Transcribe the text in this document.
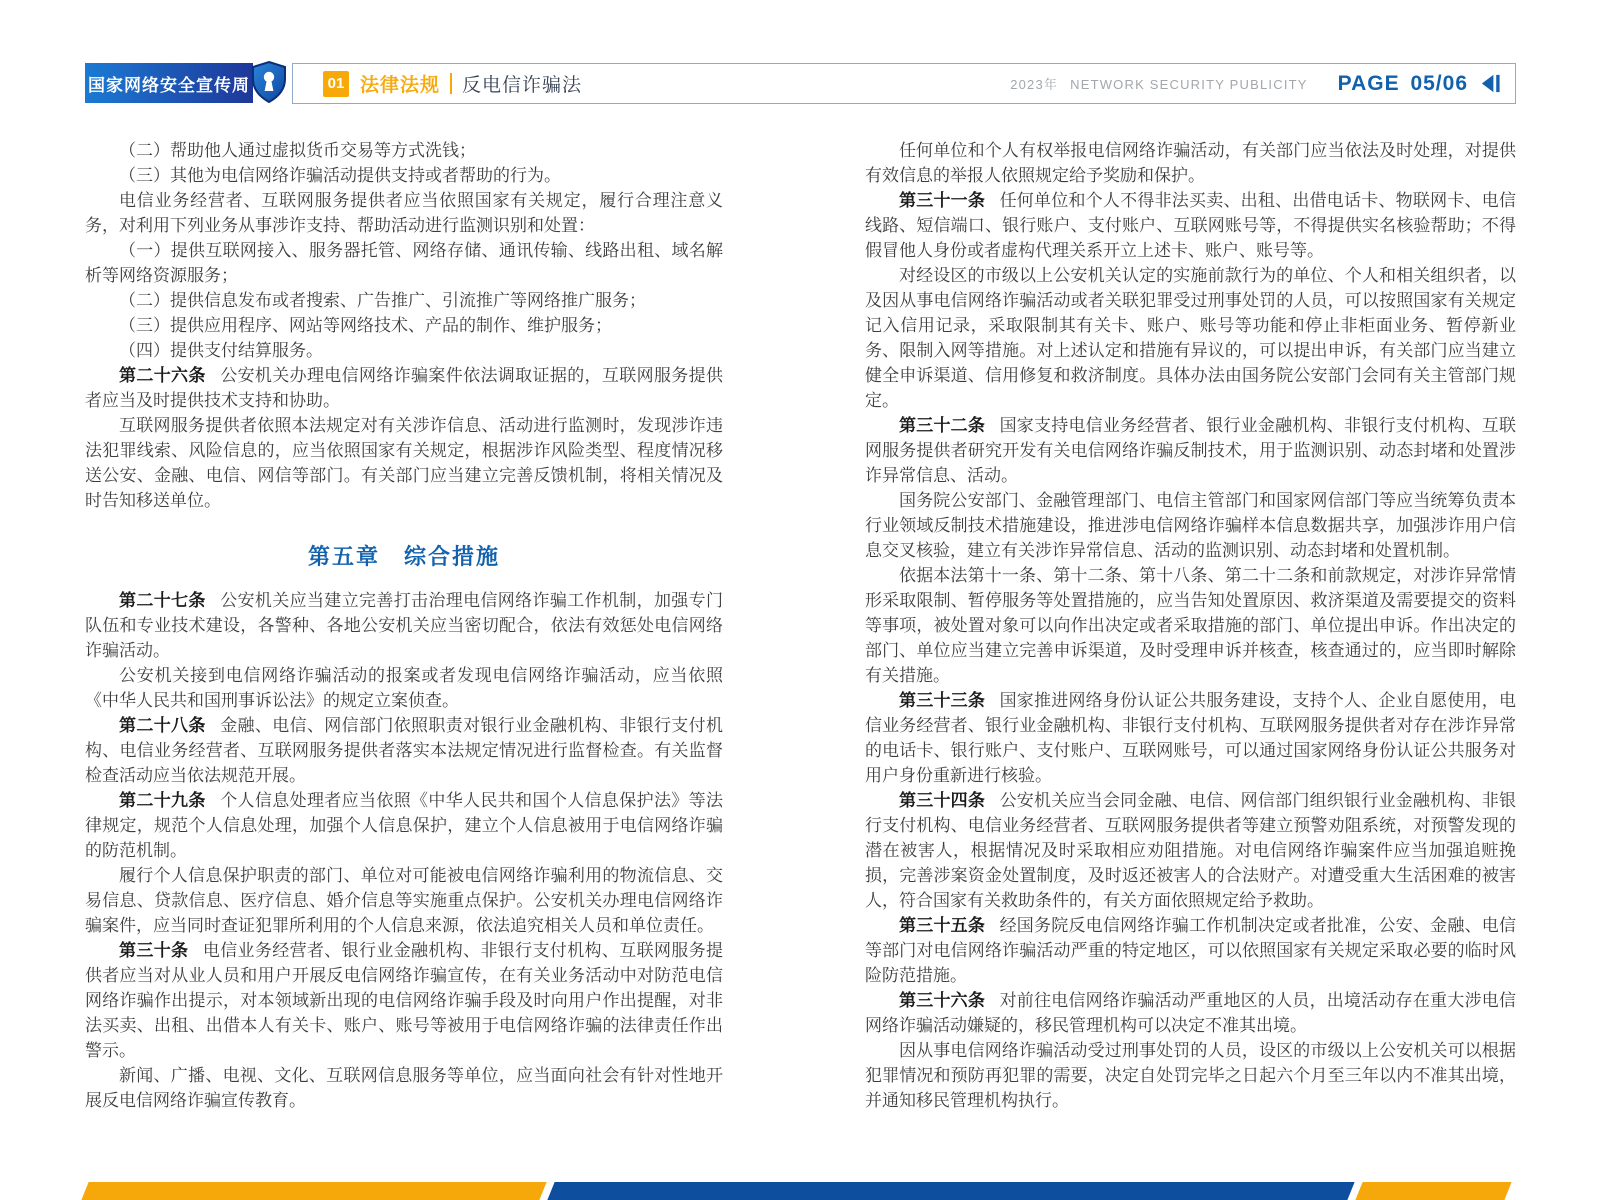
国家网络安全宣传周	01 法律法规 反电信诈骗法	2023年 NETWORK SECURITY PUBLICITY PAGE 05/06

（二）帮助他人通过虚拟货币交易等方式洗钱；

（三）其他为电信网络诈骗活动提供支持或者帮助的行为。

电信业务经营者、互联网服务提供者应当依照国家有关规定，履行合理注意义务，对利用下列业务从事涉诈支持、帮助活动进行监测识别和处置：

（一）提供互联网接入、服务器托管、网络存储、通讯传输、线路出租、域名解析等网络资源服务；

（二）提供信息发布或者搜索、广告推广、引流推广等网络推广服务；

（三）提供应用程序、网站等网络技术、产品的制作、维护服务；

（四）提供支付结算服务。

第二十六条 公安机关办理电信网络诈骗案件依法调取证据的，互联网服务提供者应当及时提供技术支持和协助。

互联网服务提供者依照本法规定对有关涉诈信息、活动进行监测时，发现涉诈违法犯罪线索、风险信息的，应当依照国家有关规定，根据涉诈风险类型、程度情况移送公安、金融、电信、网信等部门。有关部门应当建立完善反馈机制，将相关情况及时告知移送单位。

第五章　综合措施

第二十七条 公安机关应当建立完善打击治理电信网络诈骗工作机制，加强专门队伍和专业技术建设，各警种、各地公安机关应当密切配合，依法有效惩处电信网络诈骗活动。

公安机关接到电信网络诈骗活动的报案或者发现电信网络诈骗活动，应当依照《中华人民共和国刑事诉讼法》的规定立案侦查。

第二十八条 金融、电信、网信部门依照职责对银行业金融机构、非银行支付机构、电信业务经营者、互联网服务提供者落实本法规定情况进行监督检查。有关监督检查活动应当依法规范开展。

第二十九条 个人信息处理者应当依照《中华人民共和国个人信息保护法》等法律规定，规范个人信息处理，加强个人信息保护，建立个人信息被用于电信网络诈骗的防范机制。

履行个人信息保护职责的部门、单位对可能被电信网络诈骗利用的物流信息、交易信息、贷款信息、医疗信息、婚介信息等实施重点保护。公安机关办理电信网络诈骗案件，应当同时查证犯罪所利用的个人信息来源，依法追究相关人员和单位责任。

第三十条 电信业务经营者、银行业金融机构、非银行支付机构、互联网服务提供者应当对从业人员和用户开展反电信网络诈骗宣传，在有关业务活动中对防范电信网络诈骗作出提示，对本领域新出现的电信网络诈骗手段及时向用户作出提醒，对非法买卖、出租、出借本人有关卡、账户、账号等被用于电信网络诈骗的法律责任作出警示。

新闻、广播、电视、文化、互联网信息服务等单位，应当面向社会有针对性地开展反电信网络诈骗宣传教育。

任何单位和个人有权举报电信网络诈骗活动，有关部门应当依法及时处理，对提供有效信息的举报人依照规定给予奖励和保护。

第三十一条 任何单位和个人不得非法买卖、出租、出借电话卡、物联网卡、电信线路、短信端口、银行账户、支付账户、互联网账号等，不得提供实名核验帮助；不得假冒他人身份或者虚构代理关系开立上述卡、账户、账号等。

对经设区的市级以上公安机关认定的实施前款行为的单位、个人和相关组织者，以及因从事电信网络诈骗活动或者关联犯罪受过刑事处罚的人员，可以按照国家有关规定记入信用记录，采取限制其有关卡、账户、账号等功能和停止非柜面业务、暂停新业务、限制入网等措施。对上述认定和措施有异议的，可以提出申诉，有关部门应当建立健全申诉渠道、信用修复和救济制度。具体办法由国务院公安部门会同有关主管部门规定。

第三十二条 国家支持电信业务经营者、银行业金融机构、非银行支付机构、互联网服务提供者研究开发有关电信网络诈骗反制技术，用于监测识别、动态封堵和处置涉诈异常信息、活动。

国务院公安部门、金融管理部门、电信主管部门和国家网信部门等应当统筹负责本行业领域反制技术措施建设，推进涉电信网络诈骗样本信息数据共享，加强涉诈用户信息交叉核验，建立有关涉诈异常信息、活动的监测识别、动态封堵和处置机制。

依据本法第十一条、第十二条、第十八条、第二十二条和前款规定，对涉诈异常情形采取限制、暂停服务等处置措施的，应当告知处置原因、救济渠道及需要提交的资料等事项，被处置对象可以向作出决定或者采取措施的部门、单位提出申诉。作出决定的部门、单位应当建立完善申诉渠道，及时受理申诉并核查，核查通过的，应当即时解除有关措施。

第三十三条 国家推进网络身份认证公共服务建设，支持个人、企业自愿使用，电信业务经营者、银行业金融机构、非银行支付机构、互联网服务提供者对存在涉诈异常的电话卡、银行账户、支付账户、互联网账号，可以通过国家网络身份认证公共服务对用户身份重新进行核验。

第三十四条 公安机关应当会同金融、电信、网信部门组织银行业金融机构、非银行支付机构、电信业务经营者、互联网服务提供者等建立预警劝阻系统，对预警发现的潜在被害人，根据情况及时采取相应劝阻措施。对电信网络诈骗案件应当加强追赃挽损，完善涉案资金处置制度，及时返还被害人的合法财产。对遭受重大生活困难的被害人，符合国家有关救助条件的，有关方面依照规定给予救助。

第三十五条 经国务院反电信网络诈骗工作机制决定或者批准，公安、金融、电信等部门对电信网络诈骗活动严重的特定地区，可以依照国家有关规定采取必要的临时风险防范措施。

第三十六条 对前往电信网络诈骗活动严重地区的人员，出境活动存在重大涉电信网络诈骗活动嫌疑的，移民管理机构可以决定不准其出境。

因从事电信网络诈骗活动受过刑事处罚的人员，设区的市级以上公安机关可以根据犯罪情况和预防再犯罪的需要，决定自处罚完毕之日起六个月至三年以内不准其出境，并通知移民管理机构执行。
